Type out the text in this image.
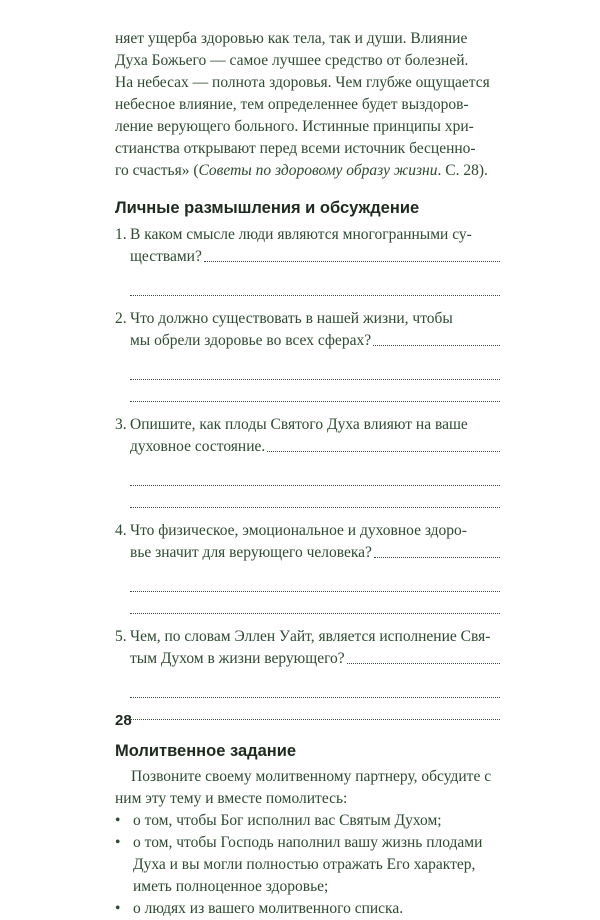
няет ущерба здоровью как тела, так и души. Влияние
Духа Божьего — самое лучшее средство от болезней.
На небесах — полнота здоровья. Чем глубже ощущается
небесное влияние, тем определеннее будет выздоров-
ление верующего больного. Истинные принципы хри-
стианства открывают перед всеми источник бесценно-
го счастья» (Советы по здоровому образу жизни. С. 28).

Личные размышления и обсуждение
1. В каком смысле люди являются многогранными су-
ществами?
2. Что должно существовать в нашей жизни, чтобы
мы обрели здоровье во всех сферах?
3. Опишите, как плоды Святого Духа влияют на ваше
духовное состояние.
4. Что физическое, эмоциональное и духовное здоро-
вье значит для верующего человека?
5. Чем, по словам Эллен Уайт, является исполнение Свя-
тым Духом в жизни верующего?
Молитвенное задание

Позвоните своему молитвенному партнеру, обсудите с ним эту тему и вместе помолитесь:

• о том, чтобы Бог исполнил вас Святым Духом;
• о том, чтобы Господь наполнил вашу жизнь плодами Духа и вы могли полностью отражать Его характер, иметь полноценное здоровье;
• о людях из вашего молитвенного списка.
28
